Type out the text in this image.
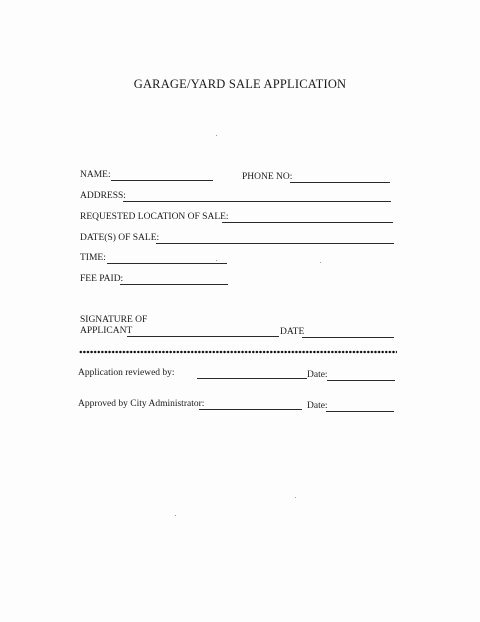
GARAGE/YARD SALE APPLICATION
NAME:	PHONE NO:
ADDRESS:
REQUESTED LOCATION OF SALE:
DATE(S) OF SALE:
TIME:
FEE PAID:
SIGNATURE OF
APPLICANT	DATE
Application reviewed by:	Date:
Approved by City Administrator:	Date:
